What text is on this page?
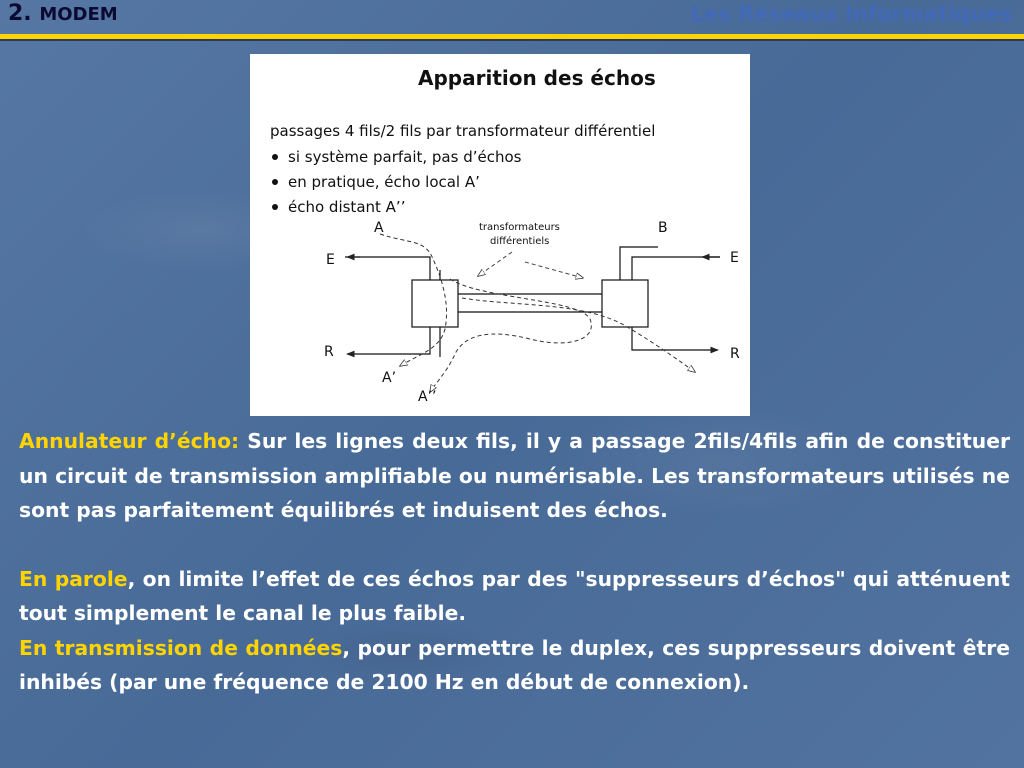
2. MODEM	Les Réseaux Informatiques
Apparition des échos
passages 4 fils/2 fils par transformateur différentiel
si système parfait, pas d’échos
en pratique, écho local A’
écho distant A’’
transformateurs
différentiels
A	B
E
R
E
R
A’
A’’

Annulateur d’écho: Sur les lignes deux fils, il y a passage 2fils/4fils afin de constituer un circuit de transmission amplifiable ou numérisable. Les transformateurs utilisés ne sont pas parfaitement équilibrés et induisent des échos.

En parole, on limite l’effet de ces échos par des "suppresseurs d’échos" qui atténuent tout simplement le canal le plus faible.

En transmission de données, pour permettre le duplex, ces suppresseurs doivent être inhibés (par une fréquence de 2100 Hz en début de connexion).
